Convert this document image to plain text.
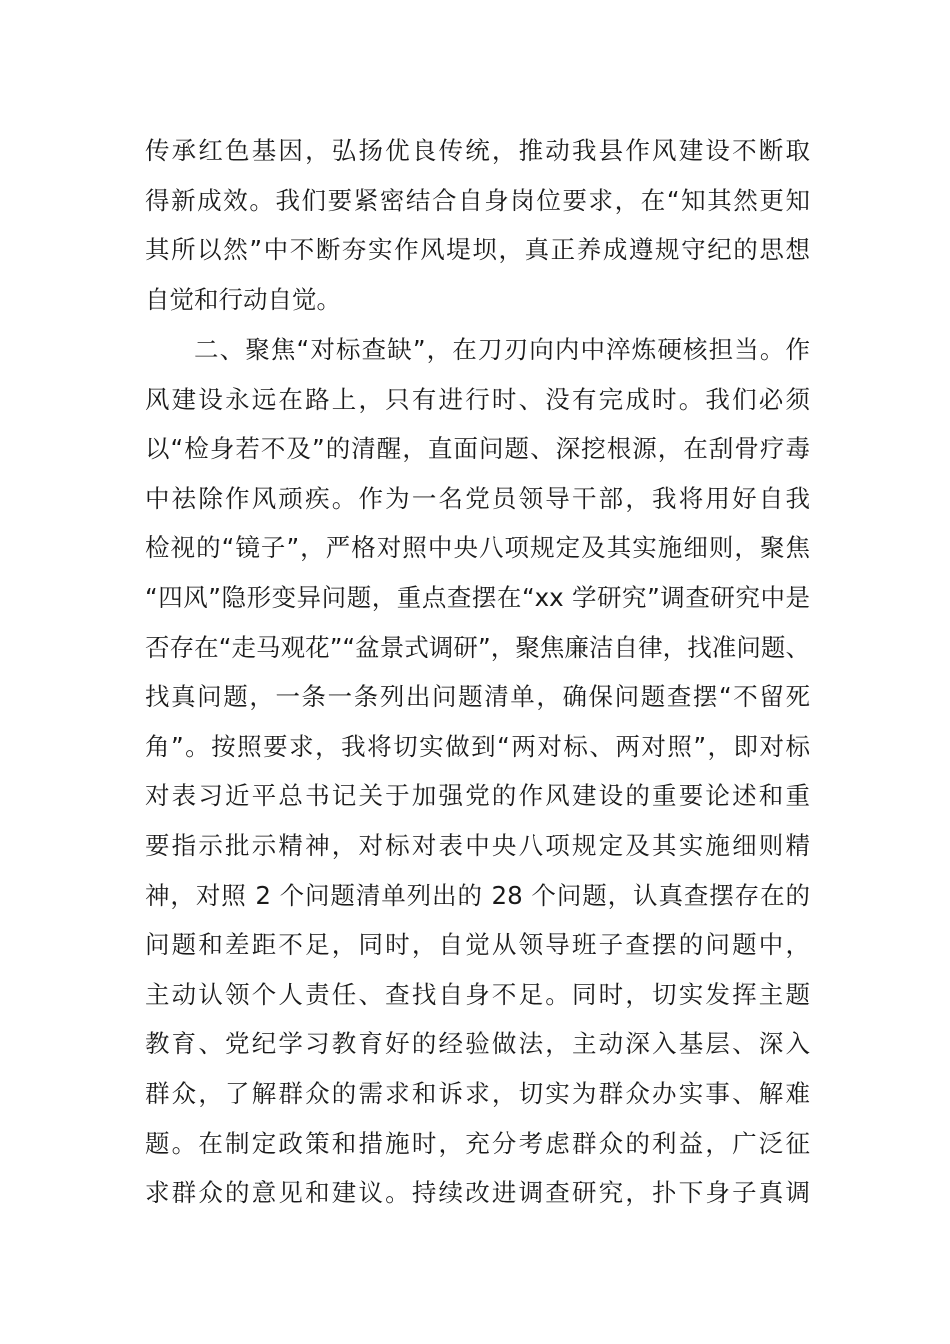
传承红色基因，弘扬优良传统，推动我县作风建设不断取
得新成效。我们要紧密结合自身岗位要求，在“知其然更知
其所以然”中不断夯实作风堤坝，真正养成遵规守纪的思想
自觉和行动自觉。
二、聚焦“对标查缺”，在刀刃向内中淬炼硬核担当。作
风建设永远在路上，只有进行时、没有完成时。我们必须
以“检身若不及”的清醒，直面问题、深挖根源，在刮骨疗毒
中祛除作风顽疾。作为一名党员领导干部，我将用好自我
检视的“镜子”，严格对照中央八项规定及其实施细则，聚焦
“四风”隐形变异问题，重点查摆在“xx 学研究”调查研究中是
否存在“走马观花”“盆景式调研”，聚焦廉洁自律，找准问题、
找真问题，一条一条列出问题清单，确保问题查摆“不留死
角”。按照要求，我将切实做到“两对标、两对照”，即对标
对表习近平总书记关于加强党的作风建设的重要论述和重
要指示批示精神，对标对表中央八项规定及其实施细则精
神，对照 2 个问题清单列出的 28 个问题，认真查摆存在的
问题和差距不足，同时，自觉从领导班子查摆的问题中，
主动认领个人责任、查找自身不足。同时，切实发挥主题
教育、党纪学习教育好的经验做法，主动深入基层、深入
群众，了解群众的需求和诉求，切实为群众办实事、解难
题。在制定政策和措施时，充分考虑群众的利益，广泛征
求群众的意见和建议。持续改进调查研究，扑下身子真调
